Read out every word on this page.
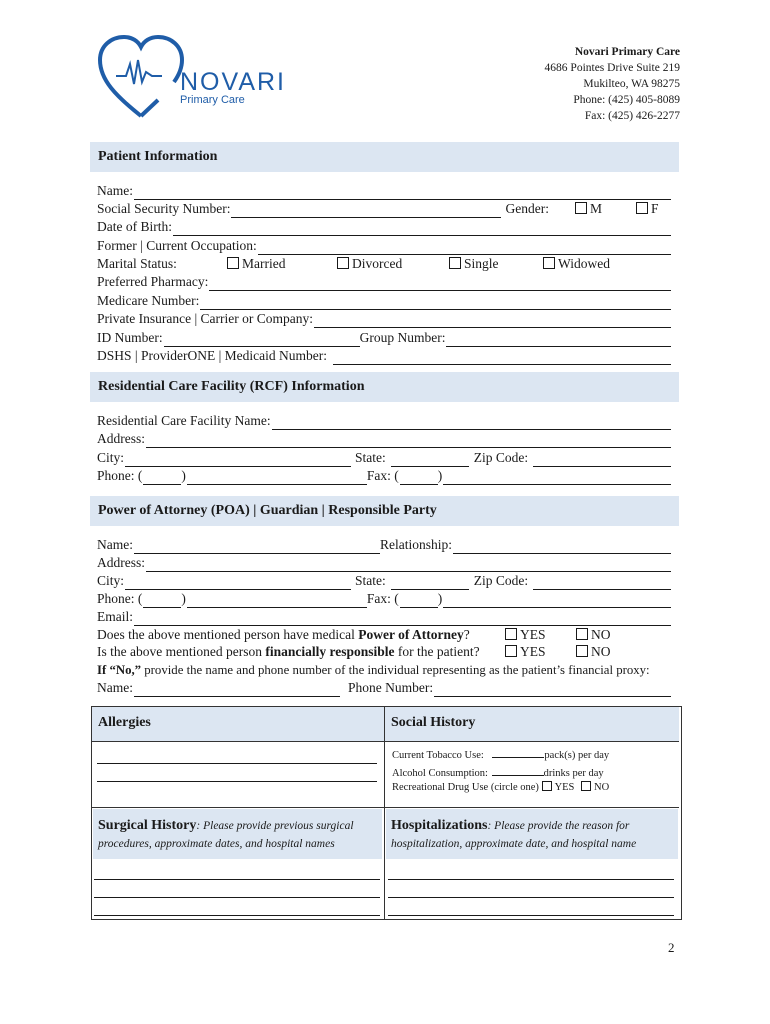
NOVARI
Primary Care
Novari Primary Care
4686 Pointes Drive Suite 219
Mukilteo, WA 98275
Phone: (425) 405-8089
Fax: (425) 426-2277
Patient Information
Name:
Social Security Number:	Gender:	M	F
Date of Birth:
Former | Current Occupation:
Marital Status:	Married	Divorced	Single	Widowed
Preferred Pharmacy:
Medicare Number:
Private Insurance | Carrier or Company:
ID Number:	Group Number:
DSHS | ProviderONE | Medicaid Number:
Residential Care Facility (RCF) Information
Residential Care Facility Name:
Address:
City:	State:	Zip Code:
Phone: (	)	Fax: (	)
Power of Attorney (POA) | Guardian | Responsible Party
Name:	Relationship:
Address:
City:	State:	Zip Code:
Phone: (	)	Fax: (	)
Email:
Does the above mentioned person have medical Power of Attorney ?	YES	NO
Is the above mentioned person financially responsible for the patient?	YES	NO
If “No,” provide the name and phone number of the individual representing as the patient’s financial proxy:
Name:	Phone Number:
Allergies	Social History
Current Tobacco Use:	pack(s) per day
Alcohol Consumption:	drinks per day
Recreational Drug Use (circle one) YES NO
Surgical History: Please provide previous surgical procedures, approximate dates, and hospital names
Hospitalizations: Please provide the reason for hospitalization, approximate date, and hospital name
2
